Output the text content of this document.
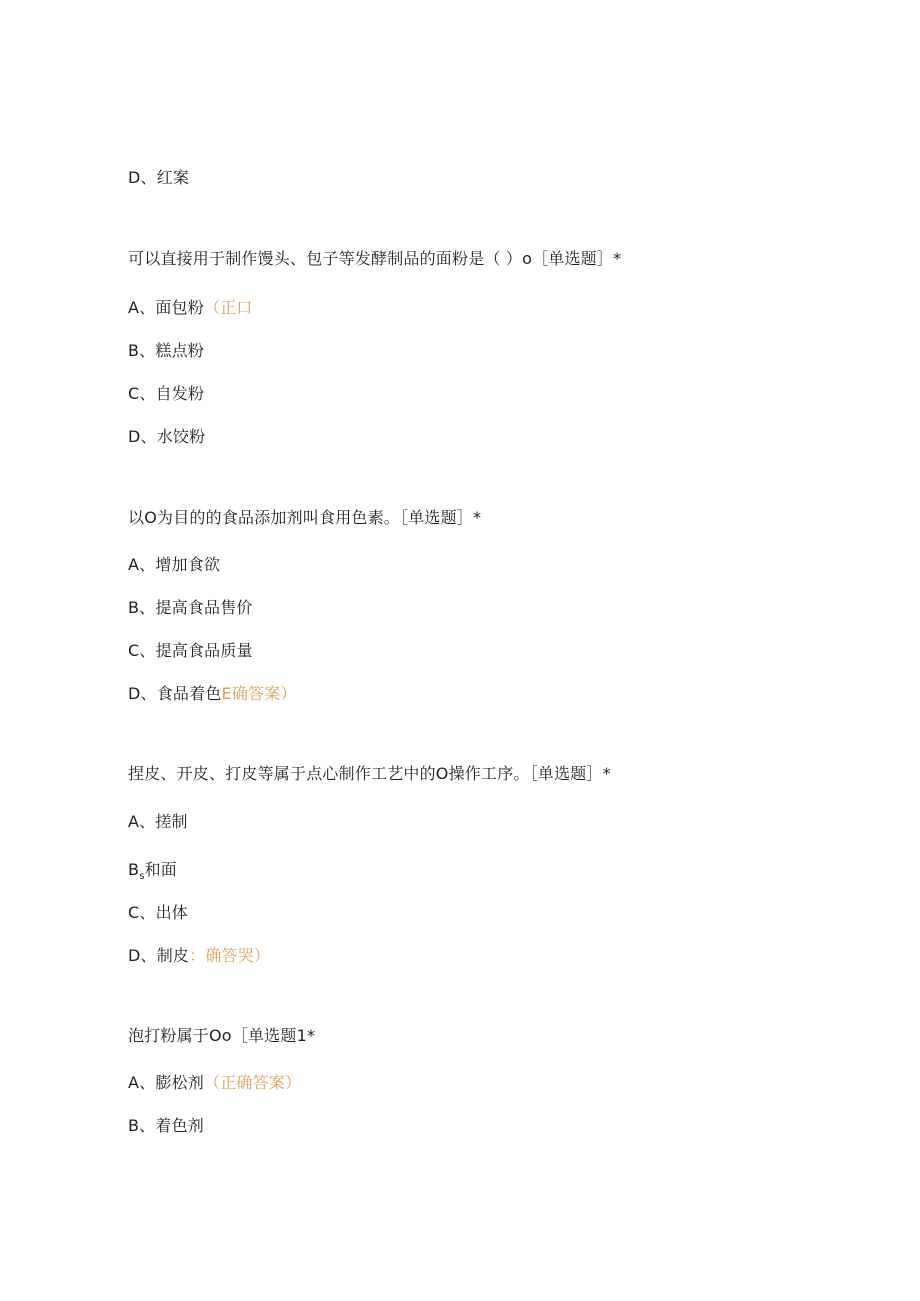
D、红案
可以直接用于制作馒头、包子等发酵制品的面粉是（ ）o［单选题］*
A、面包粉（正口
B、糕点粉
C、自发粉
D、水饺粉
以O为目的的食品添加剂叫食用色素。［单选题］*
A、增加食欲
B、提高食品售价
C、提高食品质量
D、食品着色E确答案）
捏皮、开皮、打皮等属于点心制作工艺中的O操作工序。［单选题］*
A、搓制
$B_s$和面
C、出体
D、制皮：确答哭）
泡打粉属于Oo［单选题1*
A、膨松剂（正确答案）
B、着色剂
